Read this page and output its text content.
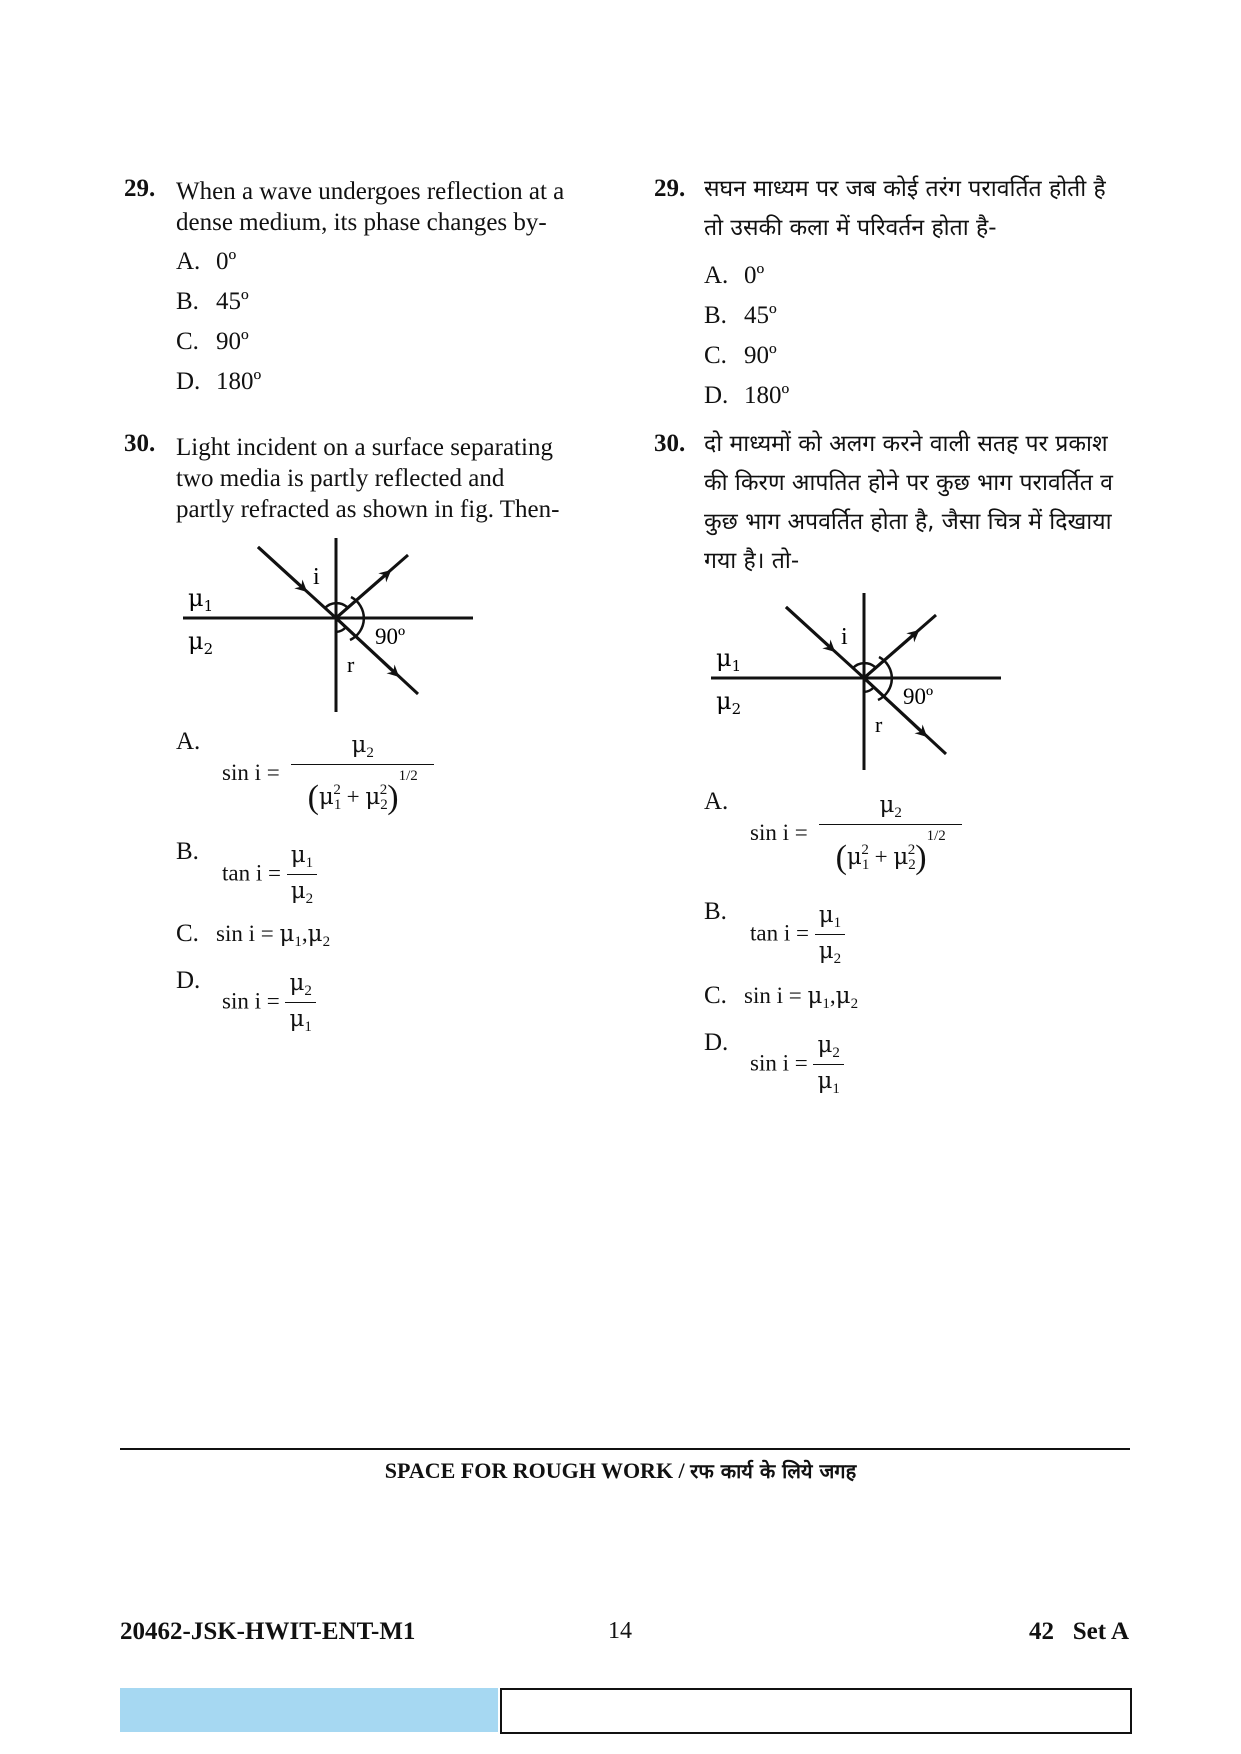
29. When a wave undergoes reflection at a
dense medium, its phase changes by-
A. 0º
B. 45º
C. 90º
D. 180º
30. Light incident on a surface separating
two media is partly reflected and
partly refracted as shown in fig. Then-
$\mu_1$
$\mu_2$
i
r
90º
A.
$\sin i = \frac{\mu_2}{(\mu_1^2 + \mu_2^2)^{1/2}}$
B.
$\tan i = \frac{\mu_1}{\mu_2}$
C. $\sin i = \mu_1,\mu_2$
D.
$\sin i = \frac{\mu_2}{\mu_1}$
29. सघन माध्यम पर जब कोई तरंग परावर्तित होती है
तो उसकी कला में परिवर्तन होता है-
A. 0º
B. 45º
C. 90º
D. 180º
30. दो माध्यमों को अलग करने वाली सतह पर प्रकाश
की किरण आपतित होने पर कुछ भाग परावर्तित व
कुछ भाग अपवर्तित होता है, जैसा चित्र में दिखाया
गया है। तो-
$\mu_1$
$\mu_2$
i
r
90º
A.
$\sin i = \frac{\mu_2}{(\mu_1^2 + \mu_2^2)^{1/2}}$
B.
$\tan i = \frac{\mu_1}{\mu_2}$
C. $\sin i = \mu_1,\mu_2$
D.
$\sin i = \frac{\mu_2}{\mu_1}$
SPACE FOR ROUGH WORK / रफ कार्य के लिये जगह
20462-JSK-HWIT-ENT-M1	14	42   Set A
